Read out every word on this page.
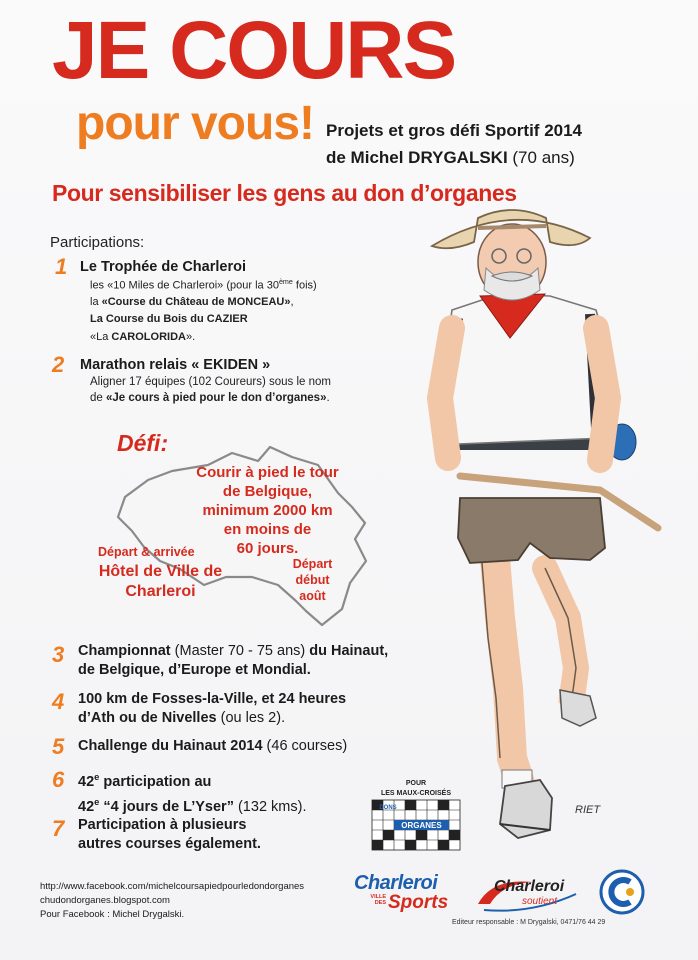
JE COURS
pour vous! Projets et gros défi Sportif 2014
de Michel DRYGALSKI (70 ans)
Pour sensibiliser les gens au don d’organes
Participations:
1 Le Trophée de Charleroi
les «10 Miles de Charleroi» (pour la 30ème fois)
la «Course du Château de MONCEAU»,
La Course du Bois du CAZIER
«La CAROLORIDA».
2 Marathon relais « EKIDEN »
Aligner 17 équipes (102 Coureurs) sous le nom
de «Je cours à pied pour le don d’organes».
Défi:
Courir à pied le tour
de Belgique,
minimum 2000 km
en moins de
60 jours.
Départ & arrivée
Hôtel de Ville de
Charleroi
Départ
début
août
RIET
3 Championnat (Master 70 - 75 ans) du Hainaut,
de Belgique, d’Europe et Mondial.
4 100 km de Fosses-la-Ville, et 24 heures
d’Ath ou de Nivelles (ou les 2).
5 Challenge du Hainaut 2014 (46 courses)
6 42e participation au
42e “4 jours de L’Yser” (132 kms).
7 Participation à plusieurs
autres courses également.
POUR
LES MAUX-CROISÉS
ORGANES
DONS
http://www.facebook.com/michelcoursapiedpourledondorganes
chudondorganes.blogspot.com
Pour Facebook : Michel Drygalski.
Charleroi
VILLE DES Sports
Charleroi
soutient
Editeur responsable : M Drygalski, 0471/76 44 29
